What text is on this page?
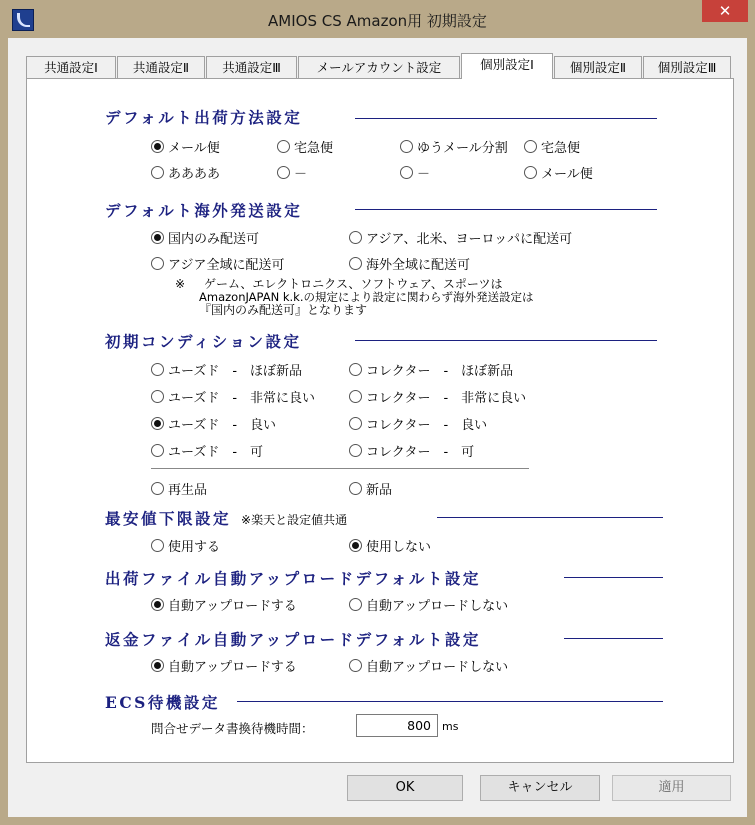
AMIOS CS Amazon用 初期設定
✕
共通設定Ⅰ	共通設定Ⅱ	共通設定Ⅲ	メールアカウント設定	個別設定Ⅰ	個別設定Ⅱ	個別設定Ⅲ
デフォルト出荷方法設定
メール便	宅急便	ゆうメール分割	宅急便
ああああ	－	－	メール便
デフォルト海外発送設定
国内のみ配送可	アジア、北米、ヨーロッパに配送可
アジア全域に配送可	海外全域に配送可
※ ゲーム、エレクトロニクス、ソフトウェア、スポーツは
AmazonJAPAN k.k.の規定により設定に関わらず海外発送設定は
『国内のみ配送可』となります
初期コンディション設定
ユーズド　-　ほぼ新品	コレクター　-　ほぼ新品
ユーズド　-　非常に良い	コレクター　-　非常に良い
ユーズド　-　良い	コレクター　-　良い
ユーズド　-　可	コレクター　-　可
再生品	新品
最安値下限設定 ※楽天と設定値共通
使用する	使用しない
出荷ファイル自動アップロードデフォルト設定
自動アップロードする	自動アップロードしない
返金ファイル自動アップロードデフォルト設定
自動アップロードする	自動アップロードしない
ECS待機設定
問合せデータ書換待機時間：	800	ms
OK	キャンセル	適用
